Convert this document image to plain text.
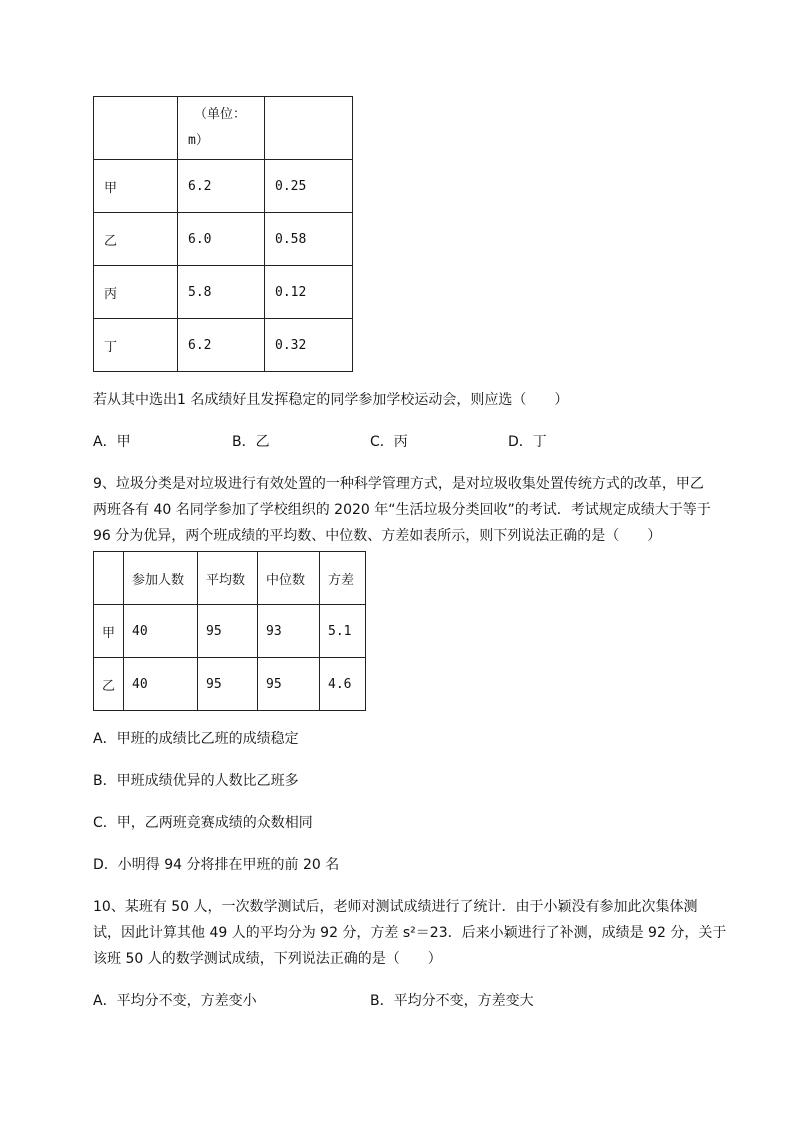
	（单位：
m）	

甲	6.2	0.25
乙	6.0	0.58
丙	5.8	0.12
丁	6.2	0.32
若从其中选出1 名成绩好且发挥稳定的同学参加学校运动会，则应选（　　）
A．甲	B．乙	C．丙	D．丁
9、垃圾分类是对垃圾进行有效处置的一种科学管理方式，是对垃圾收集处置传统方式的改革，甲乙
两班各有 40 名同学参加了学校组织的 2020 年“生活垃圾分类回收”的考试．考试规定成绩大于等于
96 分为优异，两个班成绩的平均数、中位数、方差如表所示，则下列说法正确的是（　　）
	参加人数	平均数	中位数	方差
甲	40	95	93	5.1
乙	40	95	95	4.6
A．甲班的成绩比乙班的成绩稳定
B．甲班成绩优异的人数比乙班多
C．甲，乙两班竞赛成绩的众数相同
D．小明得 94 分将排在甲班的前 20 名
10、某班有 50 人，一次数学测试后，老师对测试成绩进行了统计．由于小颖没有参加此次集体测
试，因此计算其他 49 人的平均分为 92 分，方差 s²＝23．后来小颖进行了补测，成绩是 92 分，关于
该班 50 人的数学测试成绩，下列说法正确的是（　　）
A．平均分不变，方差变小	B．平均分不变，方差变大
